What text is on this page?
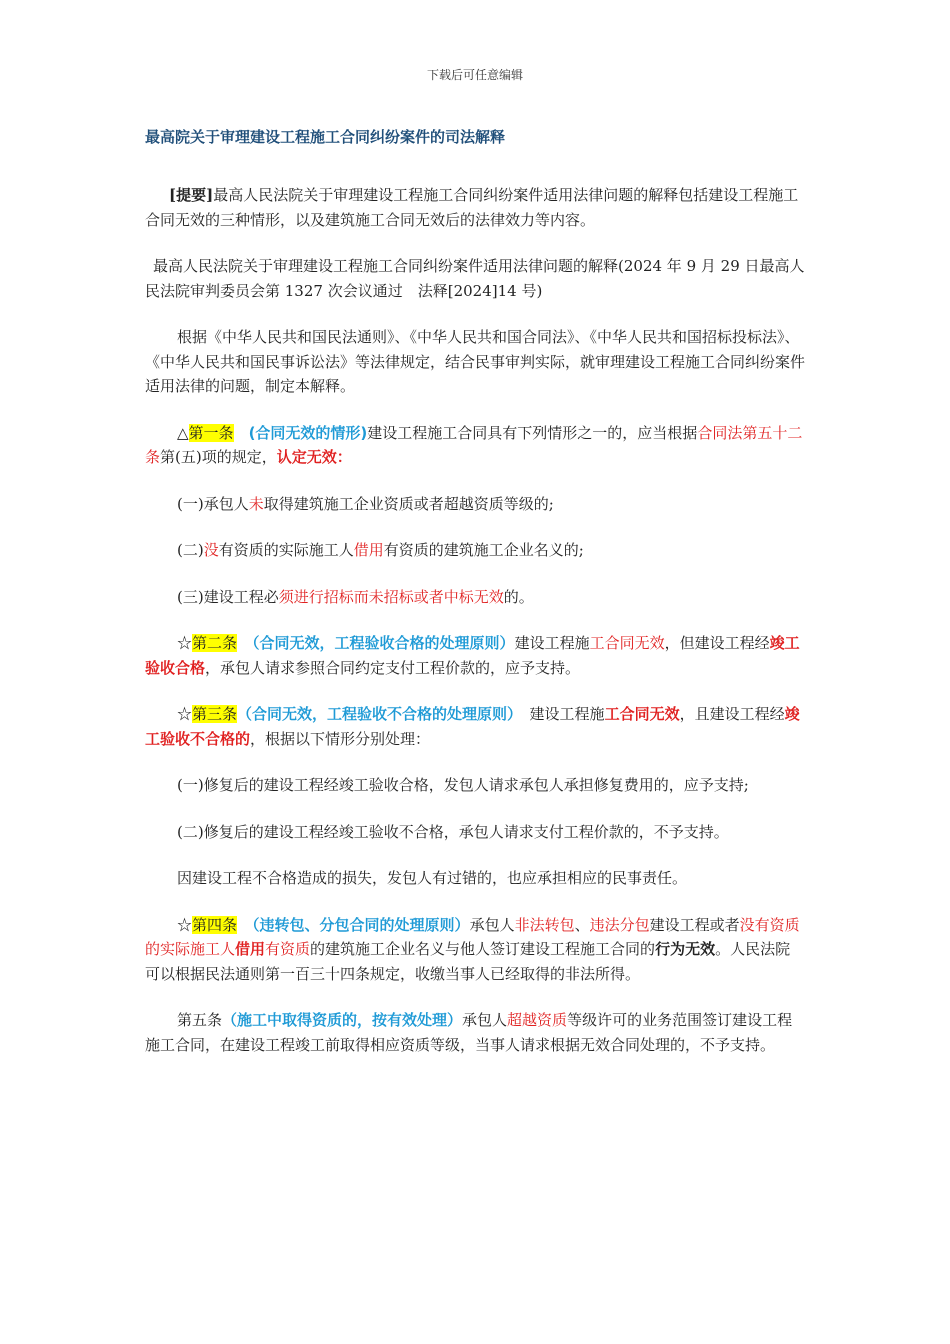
下载后可任意编辑
最高院关于审理建设工程施工合同纠纷案件的司法解释

[提要]最高人民法院关于审理建设工程施工合同纠纷案件适用法律问题的解释包括建设工程施工合同无效的三种情形，以及建筑施工合同无效后的法律效力等内容。

最高人民法院关于审理建设工程施工合同纠纷案件适用法律问题的解释(2024 年 9 月 29 日最高人民法院审判委员会第 1327 次会议通过　法释[2024]14 号)

根据《中华人民共和国民法通则》、《中华人民共和国合同法》、《中华人民共和国招标投标法》、《中华人民共和国民事诉讼法》等法律规定，结合民事审判实际，就审理建设工程施工合同纠纷案件适用法律的问题，制定本解释。

△第一条　 (合同无效的情形)建设工程施工合同具有下列情形之一的，应当根据合同法第五十二条第(五)项的规定，认定无效：

(一)承包人未取得建筑施工企业资质或者超越资质等级的;

(二)没有资质的实际施工人借用有资质的建筑施工企业名义的;

(三)建设工程必须进行招标而未招标或者中标无效的。

☆第二条　 （合同无效，工程验收合格的处理原则）建设工程施工合同无效，但建设工程经竣工验收合格，承包人请求参照合同约定支付工程价款的，应予支持。

☆第三条（合同无效，工程验收不合格的处理原则）　建设工程施工合同无效，且建设工程经竣工验收不合格的，根据以下情形分别处理：

(一)修复后的建设工程经竣工验收合格，发包人请求承包人承担修复费用的，应予支持;

(二)修复后的建设工程经竣工验收不合格，承包人请求支付工程价款的，不予支持。

因建设工程不合格造成的损失，发包人有过错的，也应承担相应的民事责任。

☆第四条　 （违转包、分包合同的处理原则）承包人非法转包、违法分包建设工程或者没有资质的实际施工人借用有资质的建筑施工企业名义与他人签订建设工程施工合同的行为无效。人民法院可以根据民法通则第一百三十四条规定，收缴当事人已经取得的非法所得。

第五条（施工中取得资质的，按有效处理）承包人超越资质等级许可的业务范围签订建设工程施工合同，在建设工程竣工前取得相应资质等级，当事人请求根据无效合同处理的，不予支持。
